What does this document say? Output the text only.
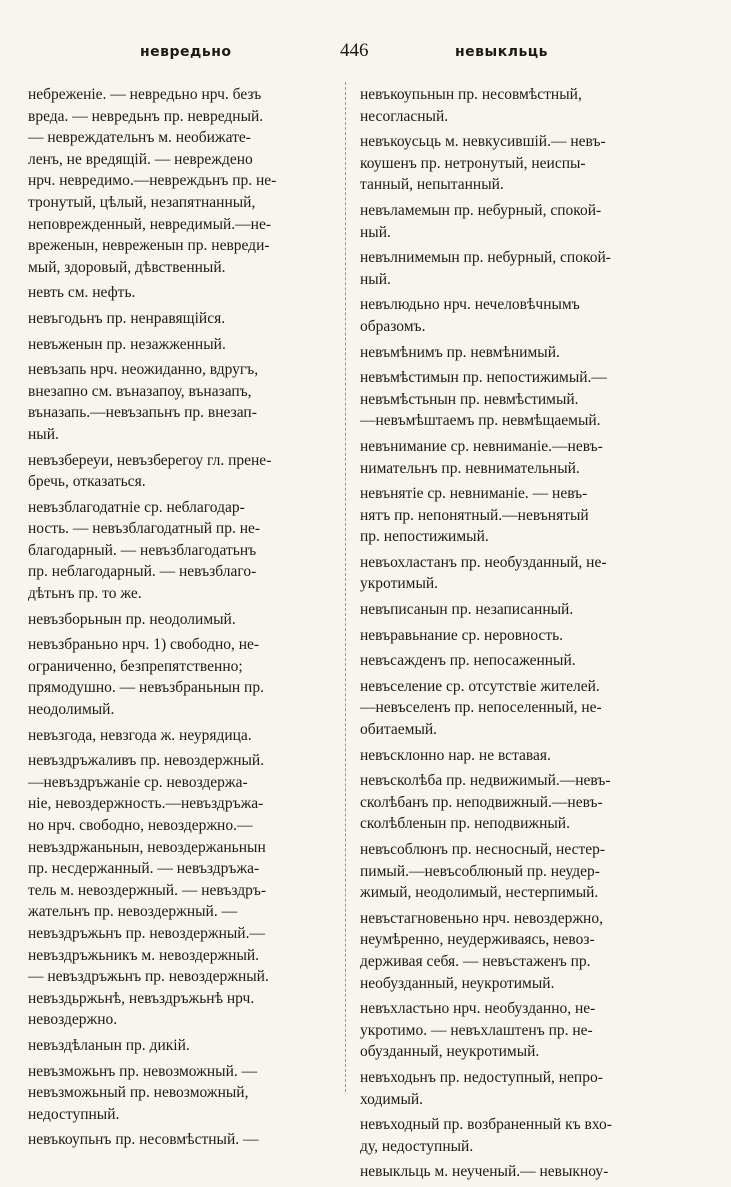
невредьно	446	невыкльць
небреженіе. — невредьно нрч. безъ
вреда. — невредьнъ пр. невредный.
— невреждательнъ м. необижате-
ленъ, не вредящій. — невреждено
нрч. невредимо.—невреждьнъ пр. не-
тронутый, цѣлый, незапятнанный,
неповрежденный, невредимый.—не-
вреженын, невреженын пр. невреди-
мый, здоровый, дѣвственный.
невть см. нефть.
невъгодьнъ пр. ненравящійся.
невъженын пр. незажженный.
невъзапь нрч. неожиданно, вдругъ,
внезапно см. въназапоу, въназапъ,
въназапь.—невъзапьнъ пр. внезап-
ный.
невъзбереуи, невъзберегоу гл. прене-
бречь, отказаться.
невъзблагодатніе ср. неблагодар-
ность. — невъзблагодатный пр. не-
благодарный. — невъзблагодатьнъ
пр. неблагодарный. — невъзблаго-
дѣтьнъ пр. то же.
невъзборьнын пр. неодолимый.
невъзбраньно нрч. 1) свободно, не-
ограниченно, безпрепятственно;
прямодушно. — невъзбраньнын пр.
неодолимый.
невъзгода, невзгода ж. неурядица.
невъздръжаливъ пр. невоздержный.
—невъздръжаніе ср. невоздержа-
ніе, невоздержность.—невъздръжа-
но нрч. свободно, невоздержно.—
невъздржаньнын, невоздержаньнын
пр. несдержанный. — невъздръжа-
тель м. невоздержный. — невъздръ-
жательнъ пр. невоздержный. —
невъздръжьнъ пр. невоздержный.—
невъздръжьникъ м. невоздержный.
— невъздръжьнъ пр. невоздержный.
невъздьржьнѣ, невъздръжьнѣ нрч.
невоздержно.
невъздѣланын пр. дикій.
невъзможьнъ пр. невозможный. —
невъзможьный пр. невозможный,
недоступный.
невъкоупьнъ пр. несовмѣстный. —
невъкоупьнын пр. несовмѣстный,
несогласный.
невъкоусьць м. невкусившій.— невъ-
коушенъ пр. нетронутый, неиспы-
танный, непытанный.
невъламемын пр. небурный, спокой-
ный.
невълнимемын пр. небурный, спокой-
ный.
невълюдьно нрч. нечеловѣчнымъ
образомъ.
невъмѣнимъ пр. невмѣнимый.
невъмѣстимын пр. непостижимый.—
невъмѣстьнын пр. невмѣстимый.
—невъмѣштаемъ пр. невмѣщаемый.
невънимание ср. невниманіе.—невъ-
нимательнъ пр. невнимательный.
невънятіе ср. невниманіе. — невъ-
нятъ пр. непонятный.—невънятый
пр. непостижимый.
невъохластанъ пр. необузданный, не-
укротимый.
невъписанын пр. незаписанный.
невъравьнание ср. неровность.
невъсажденъ пр. непосаженный.
невъселение ср. отсутствіе жителей.
—невъселенъ пр. непоселенный, не-
обитаемый.
невъсклонно нар. не вставая.
невъсколѣба пр. недвижимый.—невъ-
сколѣбанъ пр. неподвижный.—невъ-
сколѣбленын пр. неподвижный.
невъсоблюнъ пр. несносный, нестер-
пимый.—невъсоблюный пр. неудер-
жимый, неодолимый, нестерпимый.
невъстагновеньно нрч. невоздержно,
неумѣренно, неудерживаясь, невоз-
держивая себя. — невъстаженъ пр.
необузданный, неукротимый.
невъхластьно нрч. необузданно, не-
укротимо. — невъхлаштенъ пр. не-
обузданный, неукротимый.
невъходьнъ пр. недоступный, непро-
ходимый.
невъходный пр. возбраненный къ вхо-
ду, недоступный.
невыкльць м. неученый.— невыкноу-
